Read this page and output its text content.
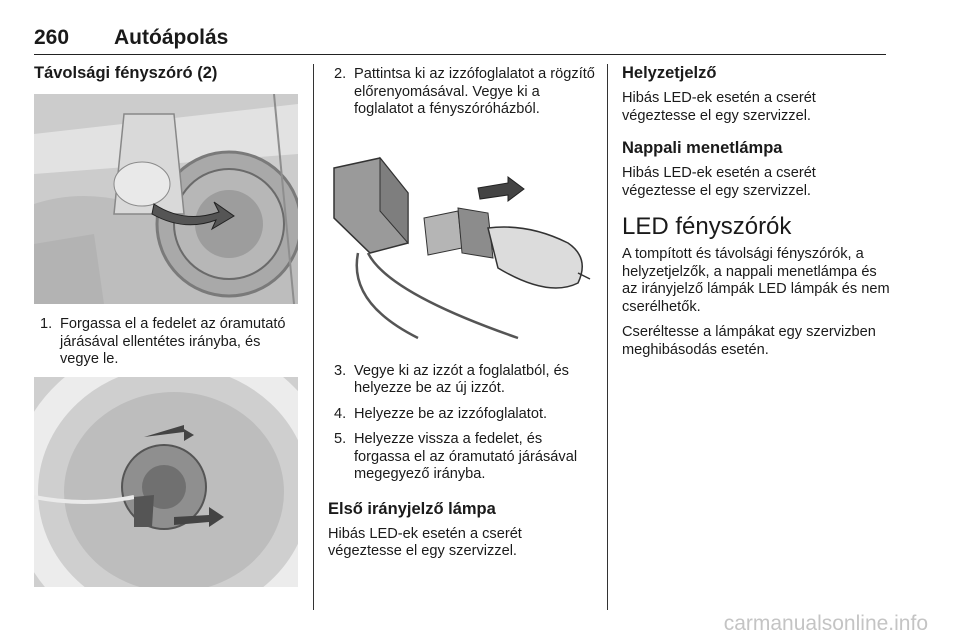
260 Autóápolás
Távolsági fényszóró (2)
1. Forgassa el a fedelet az óramutató járásával ellentétes irányba, és vegye le.
2. Pattintsa ki az izzófoglalatot a rögzítő előrenyomásával. Vegye ki a foglalatot a fényszóróházból.
3. Vegye ki az izzót a foglalatból, és helyezze be az új izzót.
4. Helyezze be az izzófoglalatot.
5. Helyezze vissza a fedelet, és forgassa el az óramutató járásával megegyező irányba.
Első irányjelző lámpa

Hibás LED-ek esetén a cserét végeztesse el egy szervizzel.

Helyzetjelző

Hibás LED-ek esetén a cserét végeztesse el egy szervizzel.

Nappali menetlámpa

Hibás LED-ek esetén a cserét végeztesse el egy szervizzel.

LED fényszórók

A tompított és távolsági fényszórók, a helyzetjelzők, a nappali menetlámpa és az irányjelző lámpák LED lámpák és nem cserélhetők.

Cseréltesse a lámpákat egy szervizben meghibásodás esetén.

carmanualsonline.info
